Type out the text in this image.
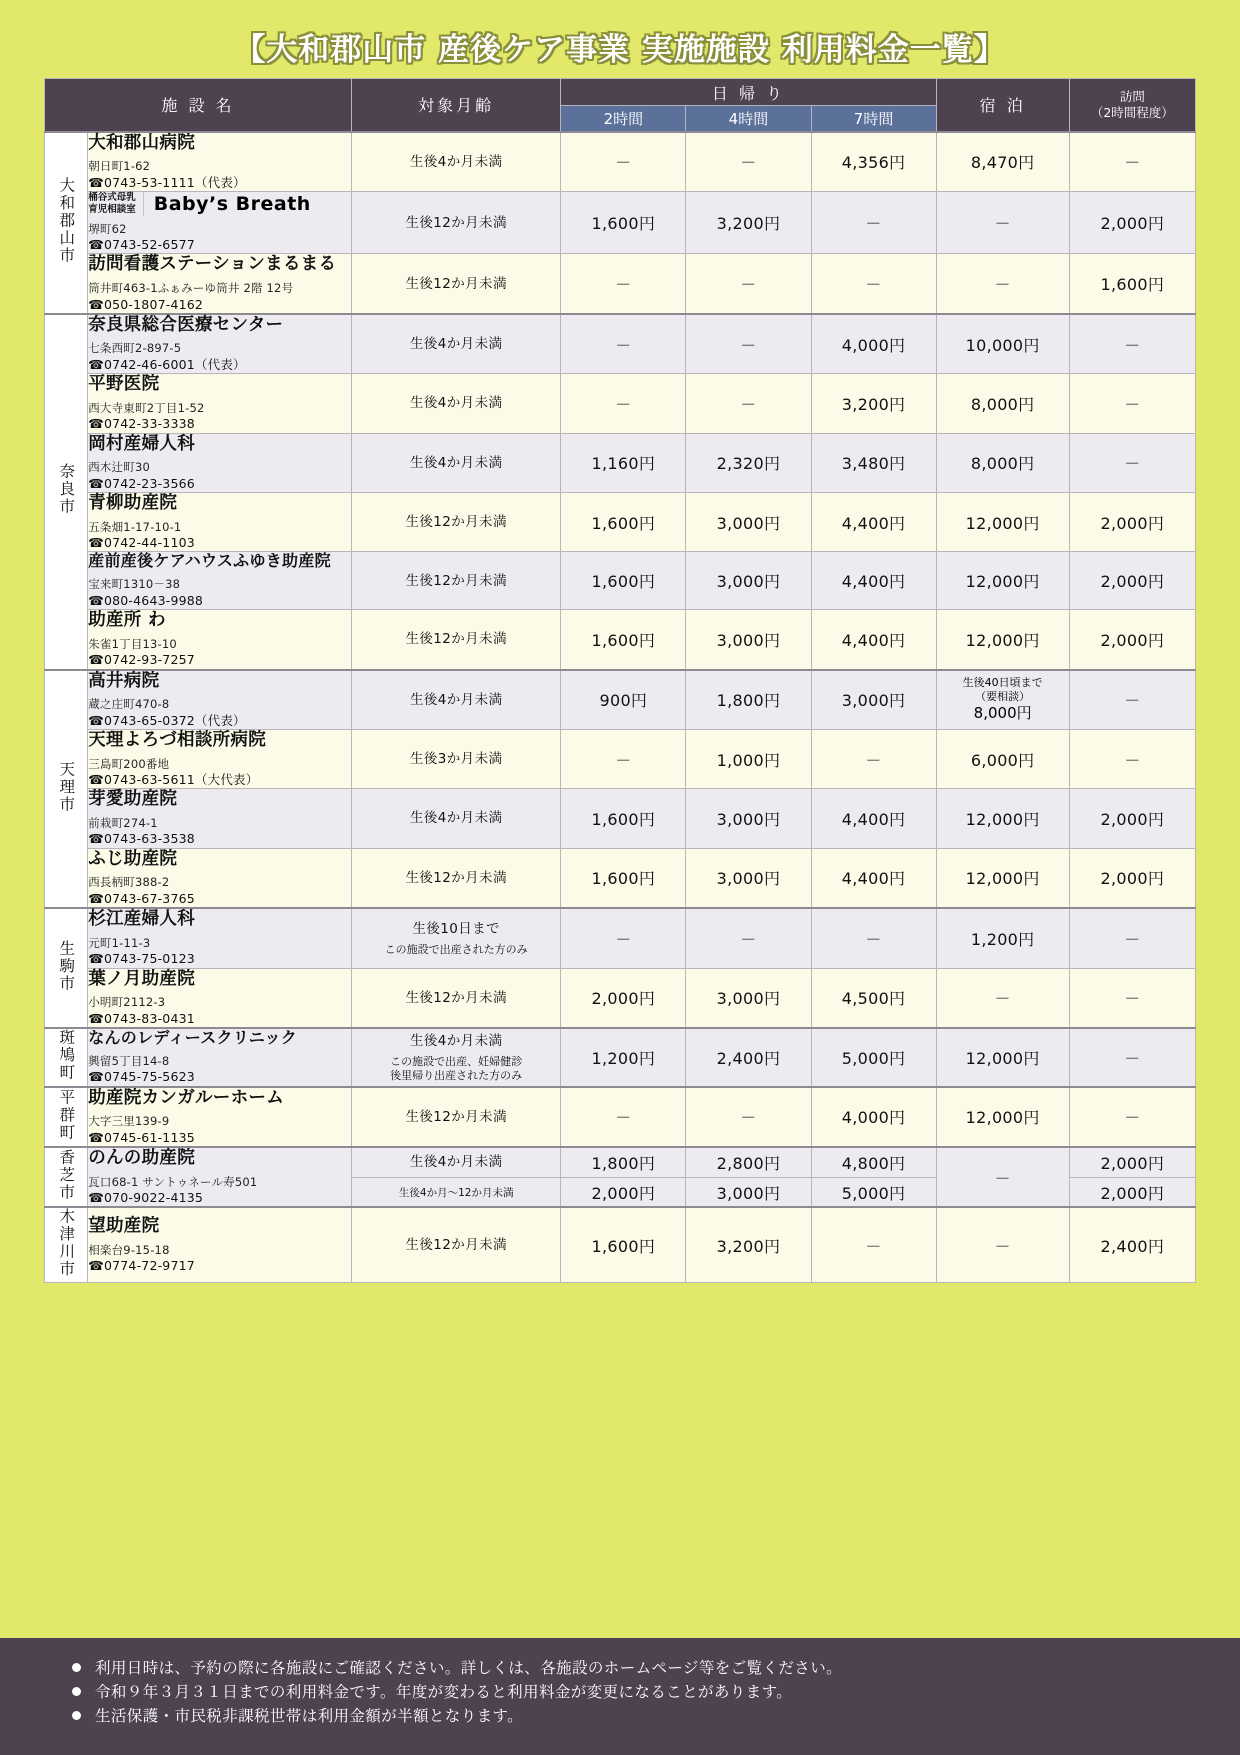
【大和郡山市 産後ケア事業 実施施設 利用料金一覧】
施 設 名		対象月齢	日 帰 り			宿 泊	訪問
（2時間程度）
			2時間	4時間	7時間		
大和郡山市	大和郡山病院
朝日町1-62
☎0743-53-1111（代表）	生後4か月未満	－	－	4,356円	8,470円	－

	桶谷式母乳
育児相談室 Baby’s Breath
堺町62
☎0743-52-6577	生後12か月未満	1,600円	3,200円	－	－	2,000円

	訪問看護ステーションまるまる
筒井町463-1ふぁみーゆ筒井 2階 12号
☎050-1807-4162	生後12か月未満	－	－	－	－	1,600円
奈良市	奈良県総合医療センター
七条西町2-897-5
☎0742-46-6001（代表）	生後4か月未満	－	－	4,000円	10,000円	－

	平野医院
西大寺東町2丁目1-52
☎0742-33-3338	生後4か月未満	－	－	3,200円	8,000円	－

	岡村産婦人科
西木辻町30
☎0742-23-3566	生後4か月未満	1,160円	2,320円	3,480円	8,000円	－

	青柳助産院
五条畑1-17-10-1
☎0742-44-1103	生後12か月未満	1,600円	3,000円	4,400円	12,000円	2,000円

	産前産後ケアハウスふゆき助産院
宝来町1310－38
☎080-4643-9988	生後12か月未満	1,600円	3,000円	4,400円	12,000円	2,000円

	助産所 わ
朱雀1丁目13-10
☎0742-93-7257	生後12か月未満	1,600円	3,000円	4,400円	12,000円	2,000円
天理市	
高井病院
蔵之庄町470-8
☎0743-65-0372（代表）
	生後4か月未満	900円	1,800円	3,000円	
生後40日頃まで
（要相談）
8,000円	－

	天理よろづ相談所病院
三島町200番地
☎0743-63-5611（大代表）	生後3か月未満	－	1,000円	－	6,000円	－

	芽愛助産院
前栽町274-1
☎0743-63-3538	生後4か月未満	1,600円	3,000円	4,400円	12,000円	2,000円

	ふじ助産院
西長柄町388-2
☎0743-67-3765	生後12か月未満	1,600円	3,000円	4,400円	12,000円	2,000円
生駒市	
杉江産婦人科
元町1-11-3
☎0743-75-0123
	生後10日まで
この施設で出産された方のみ
	－	－	－	1,200円	－

	葉ノ月助産院
小明町2112-3
☎0743-83-0431	生後12か月未満	2,000円	3,000円	4,500円	－	－
斑鳩町	なんのレディースクリニック
興留5丁目14-8
☎0745-75-5623
	生後4か月未満
この施設で出産、妊婦健診
後里帰り出産された方のみ
	1,200円	2,400円	5,000円	12,000円	－
平群町	助産院カンガルーホーム
大字三里139-9
☎0745-61-1135	生後12か月未満	－	－	4,000円	12,000円	－
香芝市	のんの助産院
瓦口68-1 サントゥネール寿501
☎070-9022-4135	生後4か月未満	1,800円	2,800円	4,800円	－	2,000円
		生後4か月～12か月未満	2,000円	3,000円	5,000円		2,000円
木津川市	望助産院
相楽台9-15-18
☎0774-72-9717	生後12か月未満	1,600円	3,200円	－	－	2,400円
利用日時は、予約の際に各施設にご確認ください。詳しくは、各施設のホームページ等をご覧ください。
令和９年３月３１日までの利用料金です。年度が変わると利用料金が変更になることがあります。
生活保護・市民税非課税世帯は利用金額が半額となります。
